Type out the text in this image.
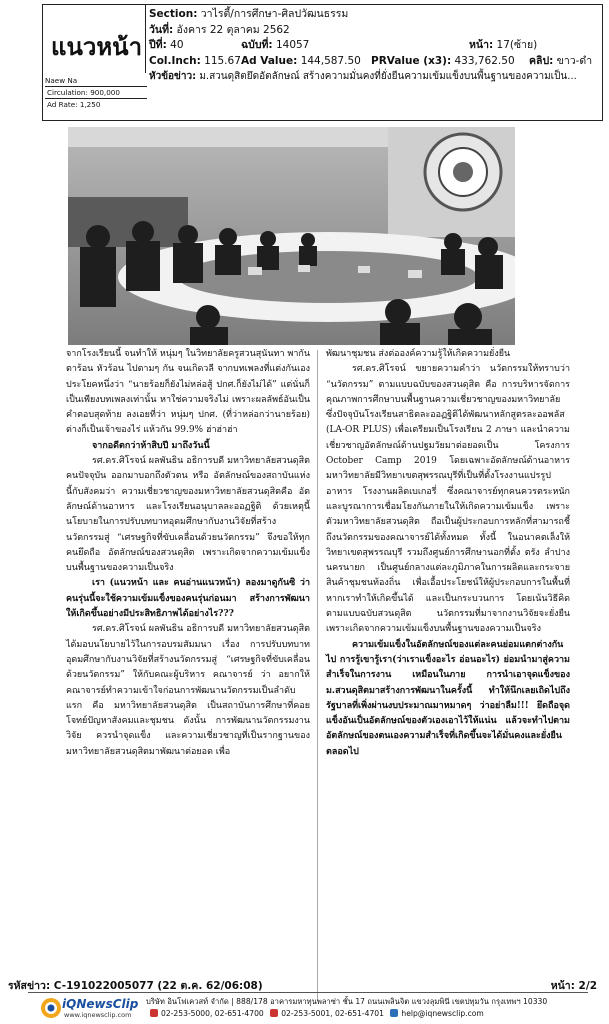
แนวหน้า
Naew Na
Circulation: 900,000
Ad Rate: 1,250
Section: วาไรตี้/การศึกษา-ศิลปวัฒนธรรม
วันที่: อังคาร 22 ตุลาคม 2562
ปีที่: 40	ฉบับที่: 14057	หน้า: 17(ซ้าย)
Col.Inch: 115.67 Ad Value: 144,587.50 PRValue (x3): 433,762.50 คลิป: ขาว-ดำ
หัวข้อข่าว: ม.สวนดุสิตยึดอัตลักษณ์ สร้างความมั่นคงที่ยั่งยืนความเข้มแข็งบนพื้นฐานของความเป็น...

จากโรงเรียนนี้ จนทำให้ หนุ่มๆ ในวิทยาลัยครูสวนสุนันทา พากัน ตาร้อน หัวร้อน ไปตามๆ กัน จนเกิดวลี จากบทเพลงที่แต่งกันเองประโยคหนึ่งว่า “นายร้อยก็ยังไม่หล่อสู้ ปกศ.ก็ยังไม่ได้” แต่นั่นก็เป็นเพียงบทเพลงเท่านั้น หาใช่ความจริงไม่ เพราะผลลัพธ์อันเป็นคำตอบสุดท้าย ลงเอยที่ว่า หนุ่มๆ ปกศ. (ที่ว่าหล่อกว่านายร้อย) ต่างก็เป็นเจ้าของไร่ แห้วกัน 99.9% ฮ่าฮ่าฮ่า

จากอดีตกว่าห้าสิบปี มาถึงวันนี้

รศ.ดร.ศิโรจน์ ผลพันธิน อธิการบดี มหาวิทยาลัยสวนดุสิต คนปัจจุบัน ออกมาบอกถึงตัวตน หรือ อัตลักษณ์ของสถาบันแห่งนี้กับสังคมว่า ความเชี่ยวชาญของมหาวิทยาลัยสวนดุสิตคือ อัตลักษณ์ด้านอาหาร และโรงเรียนอนุบาลละออฏฐิติ ด้วยเหตุนี้ นโยบายในการปรับบทบาทอุดมศึกษากับงานวิจัยที่สร้างนวัตกรรมสู่ “เศรษฐกิจที่ขับเคลื่อนด้วยนวัตกรรม” จึงขอให้ทุกคนยึดถือ อัตลักษณ์ของสวนดุสิต เพราะเกิดจากความเข้มแข็งบนพื้นฐานของความเป็นจริง

เรา (แนวหน้า และ คนอ่านแนวหน้า) ลองมาดูกันซิ ว่าคนรุ่นนี้จะใช้ความเข้มแข็งของคนรุ่นก่อนมา สร้างการพัฒนาให้เกิดขึ้นอย่างมีประสิทธิภาพได้อย่างไร???

รศ.ดร.ศิโรจน์ ผลพันธิน อธิการบดี มหาวิทยาลัยสวนดุสิต ได้มอบนโยบายไว้ในการอบรมสัมมนา เรื่อง การปรับบทบาทอุดมศึกษากับงานวิจัยที่สร้างนวัตกรรมสู่ “เศรษฐกิจที่ขับเคลื่อนด้วยนวัตกรรม” ให้กับคณะผู้บริหาร คณาจารย์ ว่า อยากให้คณาจารย์ทำความเข้าใจก่อนการพัฒนานวัตกรรมเป็นลำดับแรก คือ มหาวิทยาลัยสวนดุสิต เป็นสถาบันการศึกษาที่คอย โจทย์ปัญหาสังคมและชุมชน ดังนั้น การพัฒนานวัตกรรมงานวิจัย ควรนำจุดแข็ง และความเชี่ยวชาญที่เป็นรากฐานของมหาวิทยาลัยสวนดุสิตมาพัฒนาต่อยอด เพื่อ

พัฒนาชุมชน ส่งต่อองค์ความรู้ให้เกิดความยั่งยืน

รศ.ดร.ศิโรจน์ ขยายความคำว่า นวัตกรรมให้ทราบว่า “นวัตกรรม” ตามแบบฉบับของสวนดุสิต คือ การบริหารจัดการคุณภาพการศึกษาบนพื้นฐานความเชี่ยวชาญของมหาวิทยาลัย ซึ่งปัจจุบันโรงเรียนสาธิตละออฏฐิติได้พัฒนาหลักสูตรละออพลัส (LA-OR PLUS) เพื่อเตรียมเป็นโรงเรียน 2 ภาษา และนำความเชี่ยวชาญอัตลักษณ์ด้านปฐมวัยมาต่อยอดเป็น โครงการ October Camp 2019 โดยเฉพาะอัตลักษณ์ด้านอาหาร มหาวิทยาลัยมีวิทยาเขตสุพรรณบุรีที่เป็นที่ตั้งโรงงานแปรรูปอาหาร โรงงานผลิตเบเกอรี่ ซึ่งคณาจารย์ทุกคนควรตระหนักและบูรณาการเชื่อมโยงกันภายในให้เกิดความเข้มแข็ง เพราะตัวมหาวิทยาลัยสวนดุสิต ถือเป็นผู้ประกอบการหลักที่สามารถชี้ถึงนวัตกรรมของคณาจารย์ได้ทั้งหมด ทั้งนี้ ในอนาคตเล็งให้วิทยาเขตสุพรรณบุรี รวมถึงศูนย์การศึกษานอกที่ตั้ง ตรัง ลำปาง นครนายก เป็นศูนย์กลางแต่ละภูมิภาคในการผลิตและกระจายสินค้าชุมชนท้องถิ่น เพื่อเอื้อประโยชน์ให้ผู้ประกอบการในพื้นที่ หากเราทำให้เกิดขึ้นได้ และเป็นกระบวนการ โดยเน้นวิธีคิด ตามแบบฉบับสวนดุสิต นวัตกรรมที่มาจากงานวิจัยจะยั่งยืน เพราะเกิดจากความเข้มแข็งบนพื้นฐานของความเป็นจริง

ความเข้มแข็งในอัตลักษณ์ของแต่ละคนย่อมแตกต่างกันไป การรู้เขารู้เรา(ว่าเราแข็งอะไร อ่อนอะไร) ย่อมนำมาสู่ความสำเร็จในการงาน เหมือนในภาย การนำเอาจุดแข็งของ ม.สวนดุสิตมาสร้างการพัฒนาในครั้งนี้ ทำให้นึกเลยเถิดไปถึงรัฐบาลที่เพิ่งผ่านงบประมาณมาหมาดๆ ว่าอย่าลืม!!! ยึดถือจุดแข็งอันเป็นอัตลักษณ์ของตัวเองเอาไว้ให้แน่น แล้วจะทำไปตามอัตลักษณ์ของตนเองความสำเร็จที่เกิดขึ้นจะได้มั่นคงและยั่งยืนตลอดไป

รหัสข่าว: C-191022005077 (22 ต.ค. 62/06:08)	หน้า: 2/2
iQNewsClip
www.iqnewsclip.com
บริษัท อินโฟเควสท์ จำกัด | 888/178 อาคารมหาทุนพลาซ่า ชั้น 17 ถนนเพลินจิต แขวงลุมพินี เขตปทุมวัน กรุงเทพฯ 10330
02-253-5000, 02-651-4700 02-253-5001, 02-651-4701 help@iqnewsclip.com
